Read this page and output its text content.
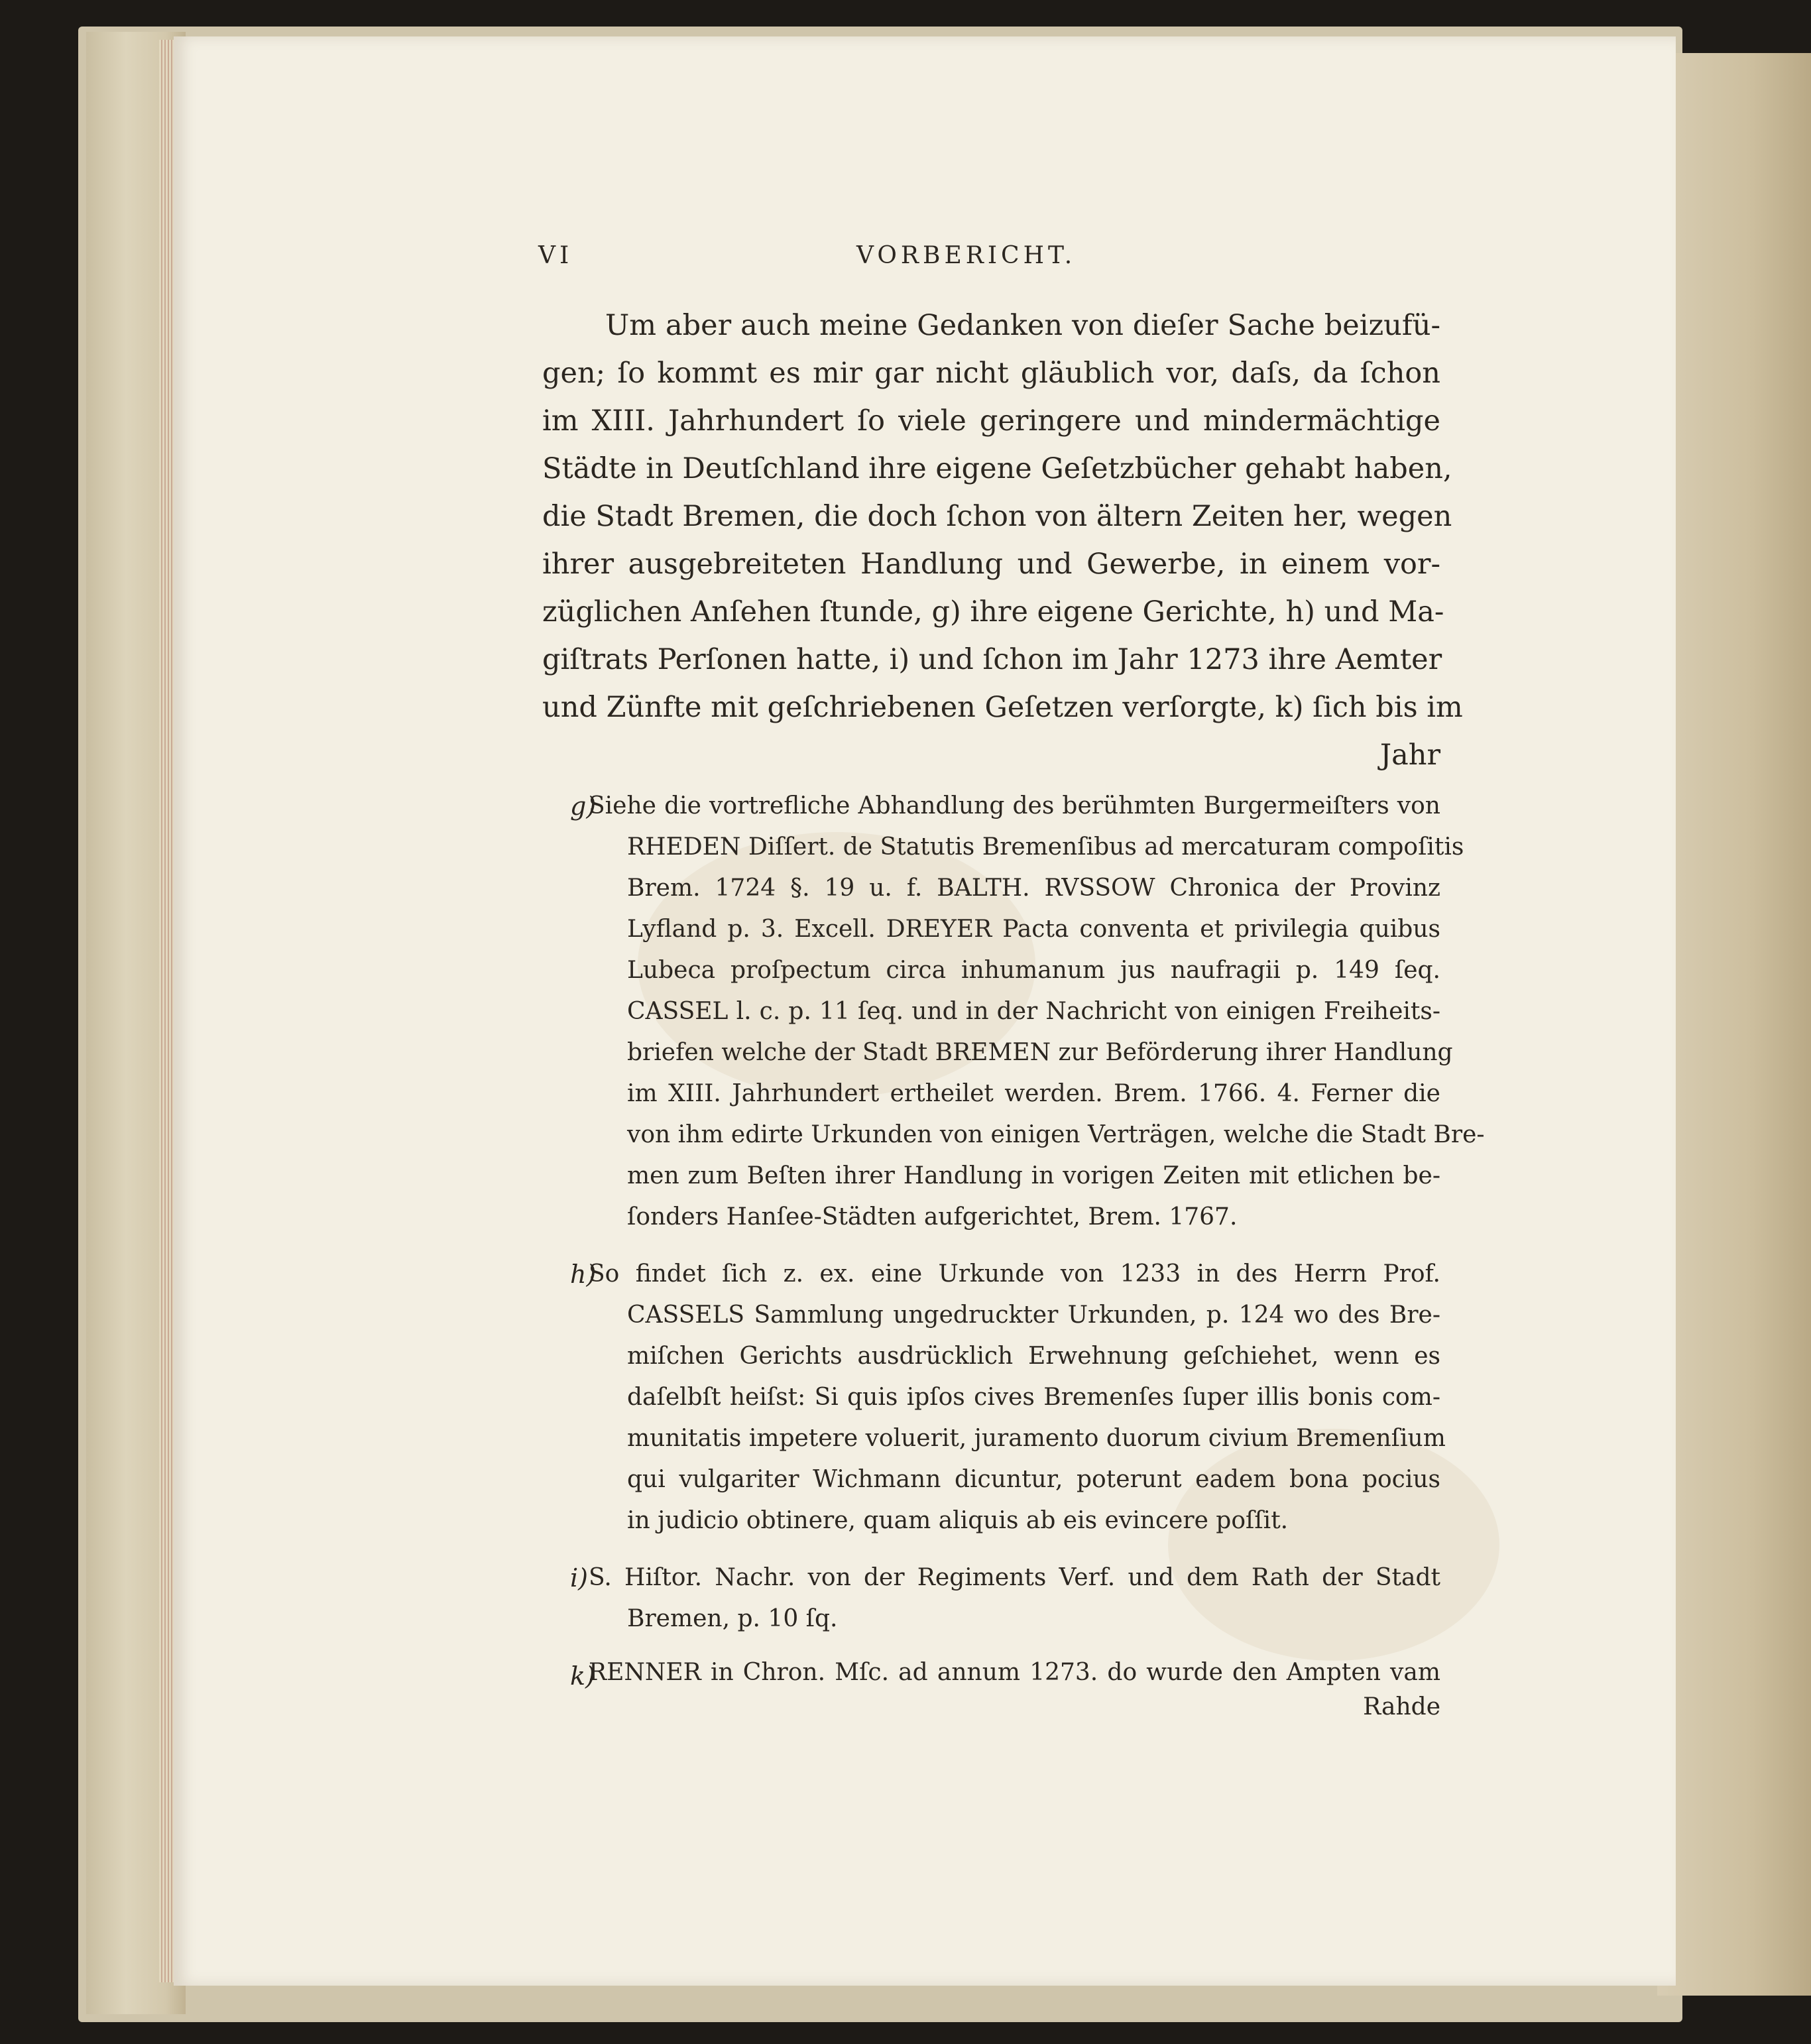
VI	VORBERICHT.
Um aber auch meine Gedanken von dieſer Sache beizufü-
gen; ſo kommt es mir gar nicht gläublich vor, daſs, da ſchon
im XIII. Jahrhundert ſo viele geringere und mindermächtige
Städte in Deutſchland ihre eigene Geſetzbücher gehabt haben,
die Stadt Bremen, die doch ſchon von ältern Zeiten her, wegen
ihrer ausgebreiteten Handlung und Gewerbe, in einem vor-
züglichen Anſehen ſtunde, g) ihre eigene Gerichte, h) und Ma-
giſtrats Perſonen hatte, i) und ſchon im Jahr 1273 ihre Aemter
und Zünfte mit geſchriebenen Geſetzen verſorgte, k) ſich bis im
Jahr
g)
Siehe die vortrefliche Abhandlung des berühmten Burgermeiſters von
RHEDEN Diſſert. de Statutis Bremenſibus ad mercaturam compoſitis
Brem. 1724 §. 19 u. f. BALTH. RVSSOW Chronica der Provinz
Lyfland p. 3. Excell. DREYER Pacta conventa et privilegia quibus
Lubeca proſpectum circa inhumanum jus naufragii p. 149 ſeq.
CASSEL l. c. p. 11 ſeq. und in der Nachricht von einigen Freiheits-
briefen welche der Stadt BREMEN zur Beförderung ihrer Handlung
im XIII. Jahrhundert ertheilet werden. Brem. 1766. 4. Ferner die
von ihm edirte Urkunden von einigen Verträgen, welche die Stadt Bre-
men zum Beſten ihrer Handlung in vorigen Zeiten mit etlichen be-
ſonders Hanſee-Städten aufgerichtet, Brem. 1767.
h)
So findet ſich z. ex. eine Urkunde von 1233 in des Herrn Prof.
CASSELS Sammlung ungedruckter Urkunden, p. 124 wo des Bre-
miſchen Gerichts ausdrücklich Erwehnung geſchiehet, wenn es
daſelbſt heiſst: Si quis ipſos cives Bremenſes ſuper illis bonis com-
munitatis impetere voluerit, juramento duorum civium Bremenſium
qui vulgariter Wichmann dicuntur, poterunt eadem bona pocius
in judicio obtinere, quam aliquis ab eis evincere poſſit.
i) S. Hiſtor. Nachr. von der Regiments Verf. und dem Rath der Stadt
Bremen, p. 10 ſq.
k)
RENNER in Chron. Mſc. ad annum 1273. do wurde den Ampten vam
Rahde
